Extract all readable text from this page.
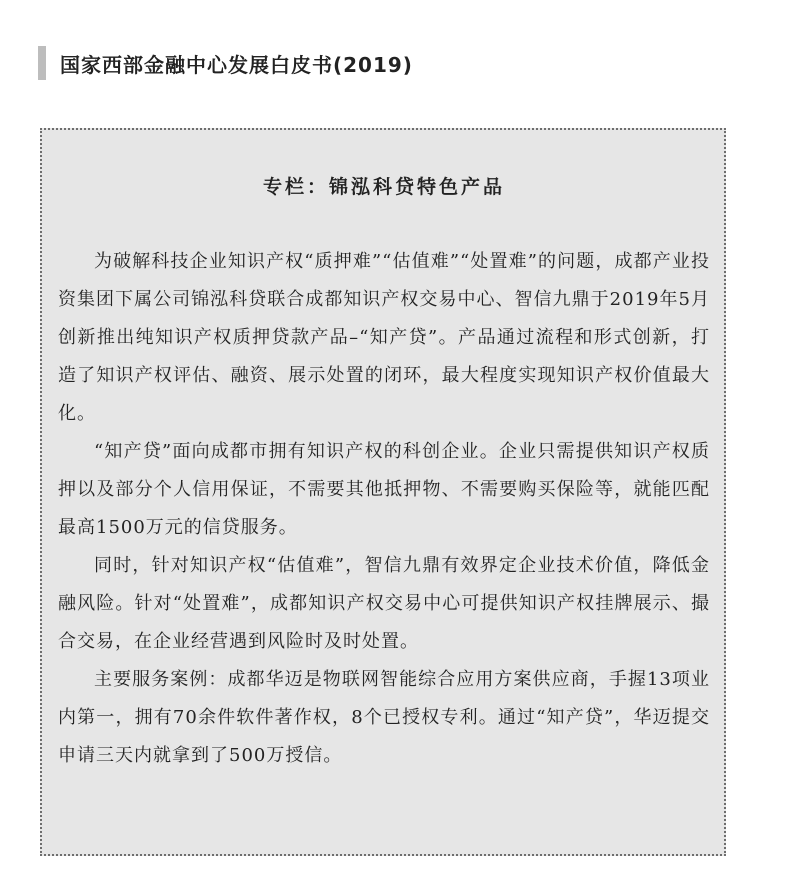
国家西部金融中心发展白皮书(2019)
专栏：锦泓科贷特色产品

为破解科技企业知识产权“质押难”“估值难”“处置难”的问题，成都产业投资集团下属公司锦泓科贷联合成都知识产权交易中心、智信九鼎于2019年5月创新推出纯知识产权质押贷款产品–“知产贷”。产品通过流程和形式创新，打造了知识产权评估、融资、展示处置的闭环，最大程度实现知识产权价值最大化。

“知产贷”面向成都市拥有知识产权的科创企业。企业只需提供知识产权质押以及部分个人信用保证，不需要其他抵押物、不需要购买保险等，就能匹配最高1500万元的信贷服务。

同时，针对知识产权“估值难”，智信九鼎有效界定企业技术价值，降低金融风险。针对“处置难”，成都知识产权交易中心可提供知识产权挂牌展示、撮合交易，在企业经营遇到风险时及时处置。

主要服务案例：成都华迈是物联网智能综合应用方案供应商，手握13项业内第一，拥有70余件软件著作权，8个已授权专利。通过“知产贷”，华迈提交申请三天内就拿到了500万授信。
